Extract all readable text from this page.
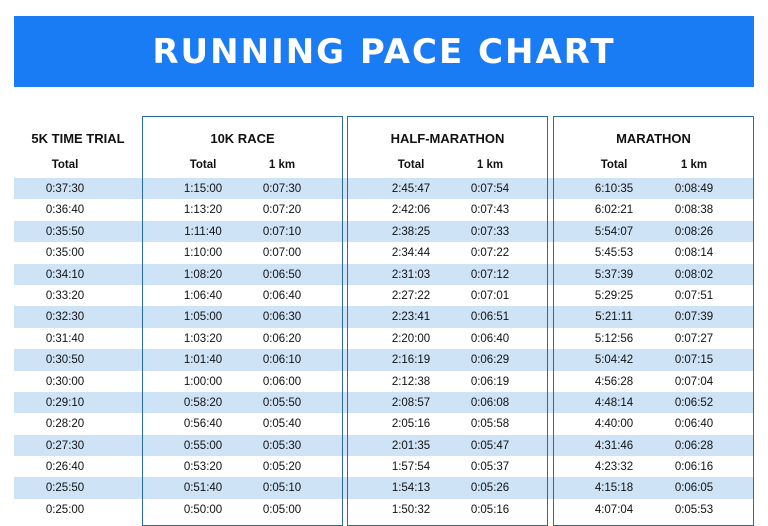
RUNNING PACE CHART
5K TIME TRIAL
Total
0:37:30
0:36:40
0:35:50
0:35:00
0:34:10
0:33:20
0:32:30
0:31:40
0:30:50
0:30:00
0:29:10
0:28:20
0:27:30
0:26:40
0:25:50
0:25:00
10K RACE
Total	1 km
1:15:00	0:07:30
1:13:20	0:07:20
1:11:40	0:07:10
1:10:00	0:07:00
1:08:20	0:06:50
1:06:40	0:06:40
1:05:00	0:06:30
1:03:20	0:06:20
1:01:40	0:06:10
1:00:00	0:06:00
0:58:20	0:05:50
0:56:40	0:05:40
0:55:00	0:05:30
0:53:20	0:05:20
0:51:40	0:05:10
0:50:00	0:05:00
HALF-MARATHON
Total	1 km
2:45:47	0:07:54
2:42:06	0:07:43
2:38:25	0:07:33
2:34:44	0:07:22
2:31:03	0:07:12
2:27:22	0:07:01
2:23:41	0:06:51
2:20:00	0:06:40
2:16:19	0:06:29
2:12:38	0:06:19
2:08:57	0:06:08
2:05:16	0:05:58
2:01:35	0:05:47
1:57:54	0:05:37
1:54:13	0:05:26
1:50:32	0:05:16
MARATHON
Total	1 km
6:10:35	0:08:49
6:02:21	0:08:38
5:54:07	0:08:26
5:45:53	0:08:14
5:37:39	0:08:02
5:29:25	0:07:51
5:21:11	0:07:39
5:12:56	0:07:27
5:04:42	0:07:15
4:56:28	0:07:04
4:48:14	0:06:52
4:40:00	0:06:40
4:31:46	0:06:28
4:23:32	0:06:16
4:15:18	0:06:05
4:07:04	0:05:53
